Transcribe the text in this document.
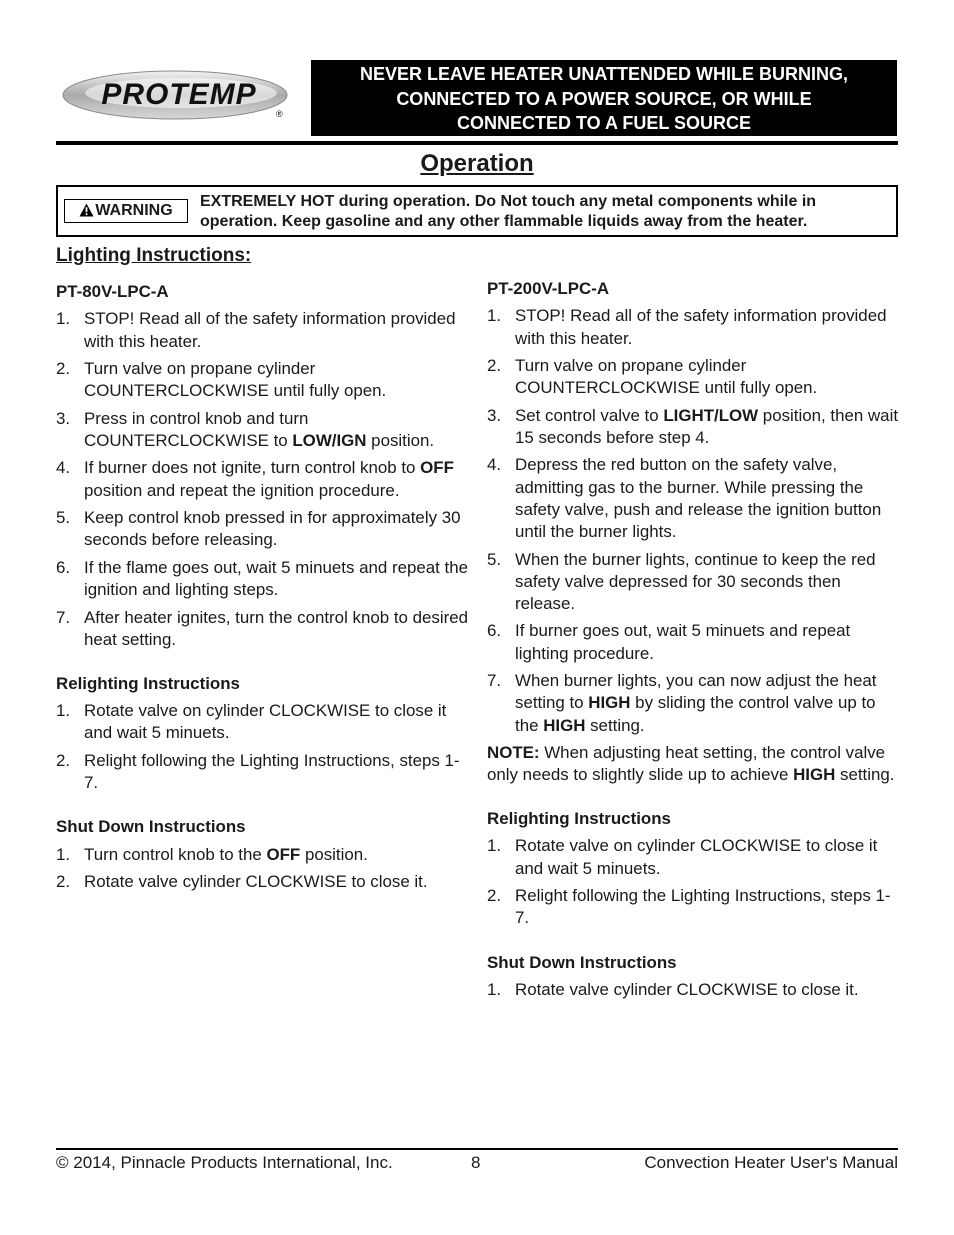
PROTEMP
®
NEVER LEAVE HEATER UNATTENDED WHILE BURNING,
CONNECTED TO A POWER SOURCE, OR WHILE
CONNECTED TO A FUEL SOURCE
Operation
WARNING
EXTREMELY HOT during operation. Do Not touch any metal components while in operation. Keep gasoline and any other flammable liquids away from the heater.
Lighting Instructions:
PT-80V-LPC-A
1. STOP! Read all of the safety information provided with this heater.
2. Turn valve on propane cylinder COUNTERCLOCKWISE until fully open.
3. Press in control knob and turn COUNTERCLOCKWISE to LOW/IGN position.
4. If burner does not ignite, turn control knob to OFF position and repeat the ignition procedure.
5. Keep control knob pressed in for approximately 30 seconds before releasing.
6. If the flame goes out, wait 5 minuets and repeat the ignition and lighting steps.
7. After heater ignites, turn the control knob to desired heat setting.
Relighting Instructions
1. Rotate valve on cylinder CLOCKWISE to close it and wait 5 minuets.
2. Relight following the Lighting Instructions, steps 1-7.
Shut Down Instructions
1. Turn control knob to the OFF position.
2. Rotate valve cylinder CLOCKWISE to close it.
PT-200V-LPC-A
1. STOP! Read all of the safety information provided with this heater.
2. Turn valve on propane cylinder COUNTERCLOCKWISE until fully open.
3. Set control valve to LIGHT/LOW position, then wait 15 seconds before step 4.
4. Depress the red button on the safety valve, admitting gas to the burner. While pressing the safety valve, push and release the ignition button until the burner lights.
5. When the burner lights, continue to keep the red safety valve depressed for 30 seconds then release.
6. If burner goes out, wait 5 minuets and repeat lighting procedure.
7. When burner lights, you can now adjust the heat setting to HIGH by sliding the control valve up to the HIGH setting.
NOTE: When adjusting heat setting, the control valve only needs to slightly slide up to achieve HIGH setting.
Relighting Instructions
1. Rotate valve on cylinder CLOCKWISE to close it and wait 5 minuets.
2. Relight following the Lighting Instructions, steps 1-7.
Shut Down Instructions
1. Rotate valve cylinder CLOCKWISE to close it.
© 2014, Pinnacle Products International, Inc.	8	Convection Heater User's Manual
